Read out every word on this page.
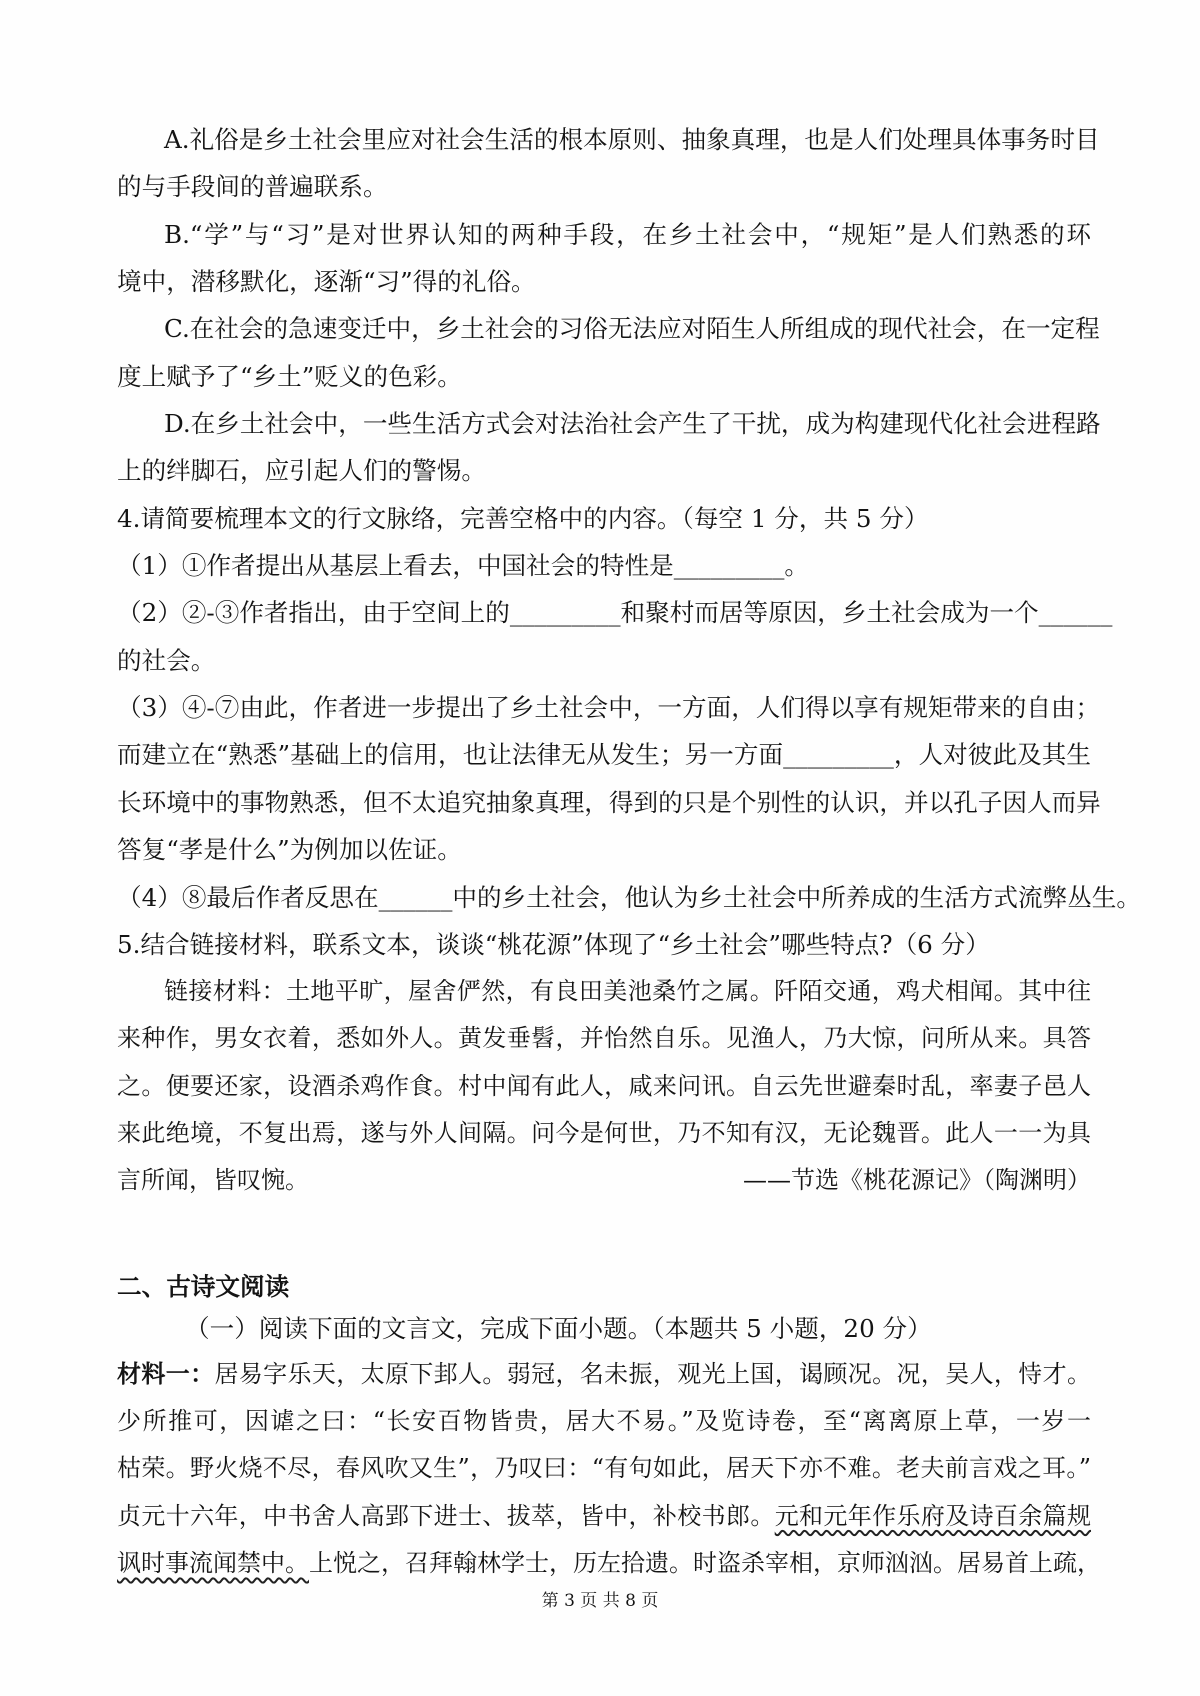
A.礼俗是乡土社会里应对社会生活的根本原则、抽象真理，也是人们处理具体事务时目
的与手段间的普遍联系。
B.“学”与“习”是对世界认知的两种手段，在乡土社会中，“规矩”是人们熟悉的环
境中，潜移默化，逐渐“习”得的礼俗。
C.在社会的急速变迁中，乡土社会的习俗无法应对陌生人所组成的现代社会，在一定程
度上赋予了“乡土”贬义的色彩。
D.在乡土社会中，一些生活方式会对法治社会产生了干扰，成为构建现代化社会进程路
上的绊脚石，应引起人们的警惕。
4.请简要梳理本文的行文脉络，完善空格中的内容。（每空 1 分，共 5 分）
（1）①作者提出从基层上看去，中国社会的特性是_________。
（2）②-③作者指出，由于空间上的_________和聚村而居等原因，乡土社会成为一个______
的社会。
（3）④-⑦由此，作者进一步提出了乡土社会中，一方面，人们得以享有规矩带来的自由；
而建立在“熟悉”基础上的信用，也让法律无从发生；另一方面_________，人对彼此及其生
长环境中的事物熟悉，但不太追究抽象真理，得到的只是个别性的认识，并以孔子因人而异
答复“孝是什么”为例加以佐证。
（4）⑧最后作者反思在______中的乡土社会，他认为乡土社会中所养成的生活方式流弊丛生。
5.结合链接材料，联系文本，谈谈“桃花源”体现了“乡土社会”哪些特点?（6 分）
链接材料：土地平旷，屋舍俨然，有良田美池桑竹之属。阡陌交通，鸡犬相闻。其中往
来种作，男女衣着，悉如外人。黄发垂髫，并怡然自乐。见渔人，乃大惊，问所从来。具答
之。便要还家，设酒杀鸡作食。村中闻有此人，咸来问讯。自云先世避秦时乱，率妻子邑人
来此绝境，不复出焉，遂与外人间隔。问今是何世，乃不知有汉，无论魏晋。此人一一为具
言所闻，皆叹惋。	——节选《桃花源记》（陶渊明）
二、古诗文阅读
（一）阅读下面的文言文，完成下面小题。（本题共 5 小题，20 分）
材料一：居易字乐天，太原下邽人。弱冠，名未振，观光上国，谒顾况。况，吴人，恃才。
少所推可，因谑之曰：“长安百物皆贵，居大不易。”及览诗卷，至“离离原上草，一岁一
枯荣。野火烧不尽，春风吹又生”，乃叹曰：“有句如此，居天下亦不难。老夫前言戏之耳。”
贞元十六年，中书舍人高郢下进士、拔萃，皆中，补校书郎。元和元年作乐府及诗百余篇规
讽时事流闻禁中。上悦之，召拜翰林学士，历左拾遗。时盗杀宰相，京师汹汹。居易首上疏，
第 3 页 共 8 页
